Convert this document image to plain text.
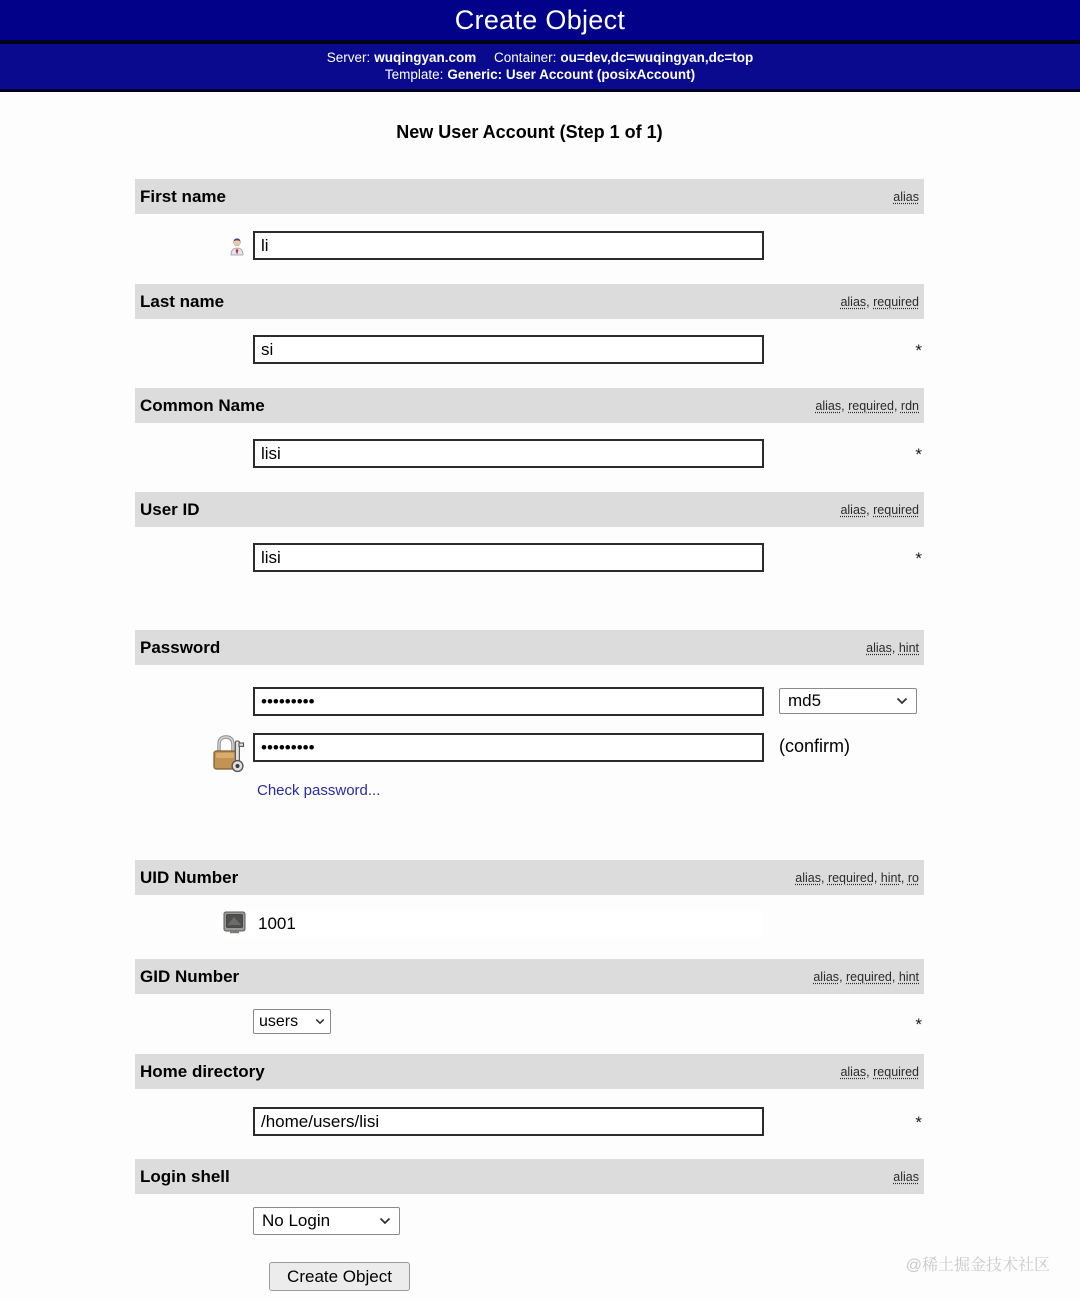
Create Object
Server: wuqingyan.com Container: ou=dev,dc=wuqingyan,dc=top
Template: Generic: User Account (posixAccount)
New User Account (Step 1 of 1)
First name	alias
li
Last name	alias, required
si
*
Common Name	alias, required, rdn
lisi
*
User ID	alias, required
lisi
*
Password	alias, hint
•••••••••
md5
•••••••••
(confirm)
Check password...
UID Number	alias, required, hint, ro
1001
GID Number	alias, required, hint
users	*
Home directory	alias, required
/home/users/lisi
*
Login shell	alias
No Login
Create Object
@稀土掘金技术社区
